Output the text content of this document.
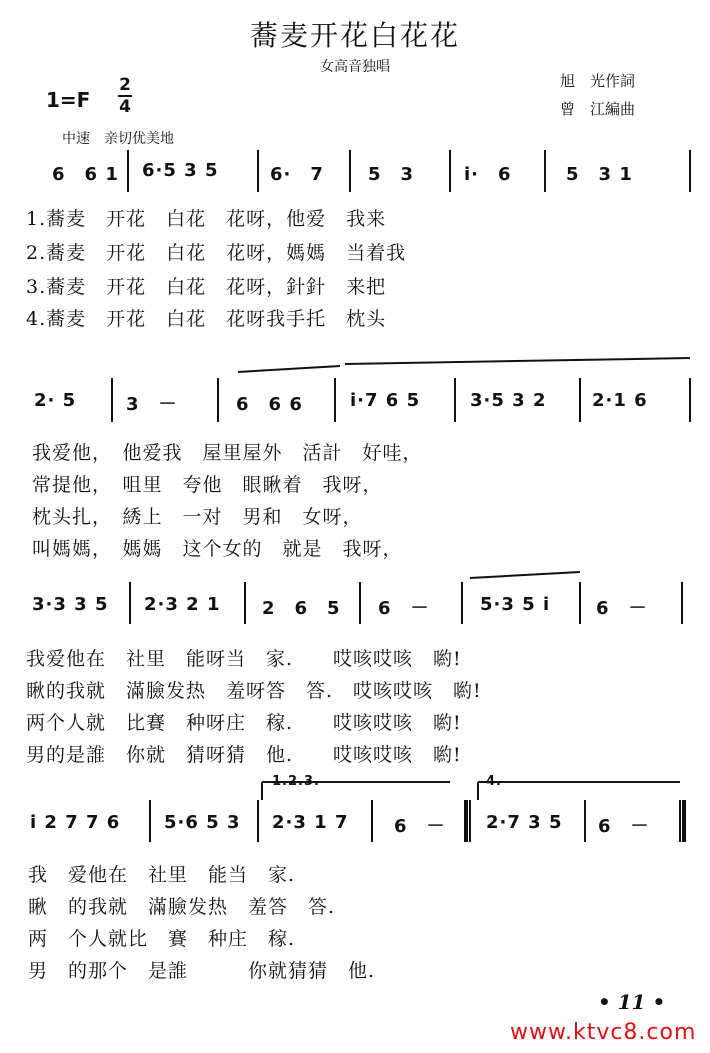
蕎麦开花白花花
女高音独唱
1=F
2
4
旭　光作詞
曾　江編曲
中速　亲切优美地
1.2.3.	4.
6　6 1 6·5 3 5	6·　7 5　3	i·　6	5　3 1
1.蕎麦　开花　白花　花呀，他爱　我来
2.蕎麦　开花　白花　花呀，媽媽　当着我
3.蕎麦　开花　白花　花呀，針針　来把
4.蕎麦　开花　白花　花呀我手托　枕头
2· 5	3　－	6　6 6	i·7 6 5	3·5 3 2	2·1 6
我爱他，　他爱我　屋里屋外　活計　好哇，
常提他，　咀里　夸他　眼瞅着　我呀，
枕头扎，　綉上　一对　男和　女呀，
叫媽媽，　媽媽　这个女的　就是　我呀，
3·3 3 5 2·3 2 1 2　6　5 6　－	5·3 5 i	6　－
我爱他在　社里　能呀当　家.　　哎咳哎咳　喲!
瞅的我就　滿臉发热　羞呀答　答.　哎咳哎咳　喲!
两个人就　比賽　种呀庄　稼.　　哎咳哎咳　喲!
男的是誰　你就　猜呀猜　他.　　哎咳哎咳　喲!
i 2 7 7 6 5·6 5 3 2·3 1 7	6　－ 2·7 3 5 6　－
我　爱他在　社里　能当　家.
瞅　的我就　滿臉发热　羞答　答.
两　个人就比　賽　种庄　稼.
男　的那个　是誰　　　你就猜猜　他.
• 11 •
www.ktvc8.com
